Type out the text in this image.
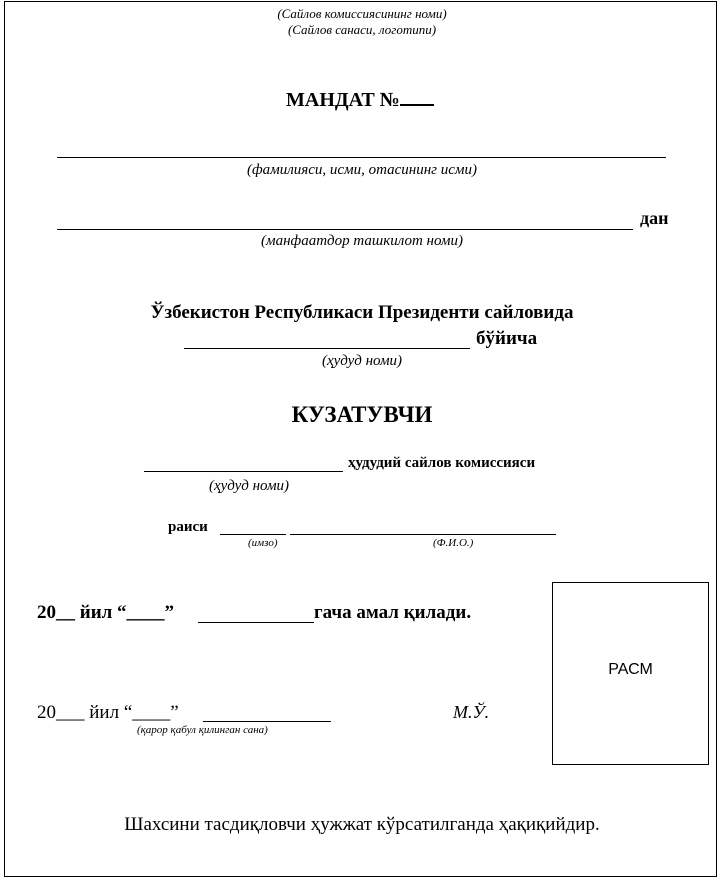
(Сайлов комиссиясининг номи)
(Сайлов санаси, логотипи)
МАНДАТ №
(фамилияси, исми, отасининг исми)
дан
(манфаатдор ташкилот номи)
Ўзбекистон Республикаси Президенти сайловида
бўйича
(ҳудуд номи)
КУЗАТУВЧИ
ҳудудий сайлов комиссияси
(ҳудуд номи)
раиси
(имзо)	(Ф.И.О.)
20__ йил “____”	гача амал қилади.
РАСМ
20___ йил “____”
(қарор қабул қилинган сана)
М.Ў.
Шахсини тасдиқловчи ҳужжат кўрсатилганда ҳақиқийдир.
